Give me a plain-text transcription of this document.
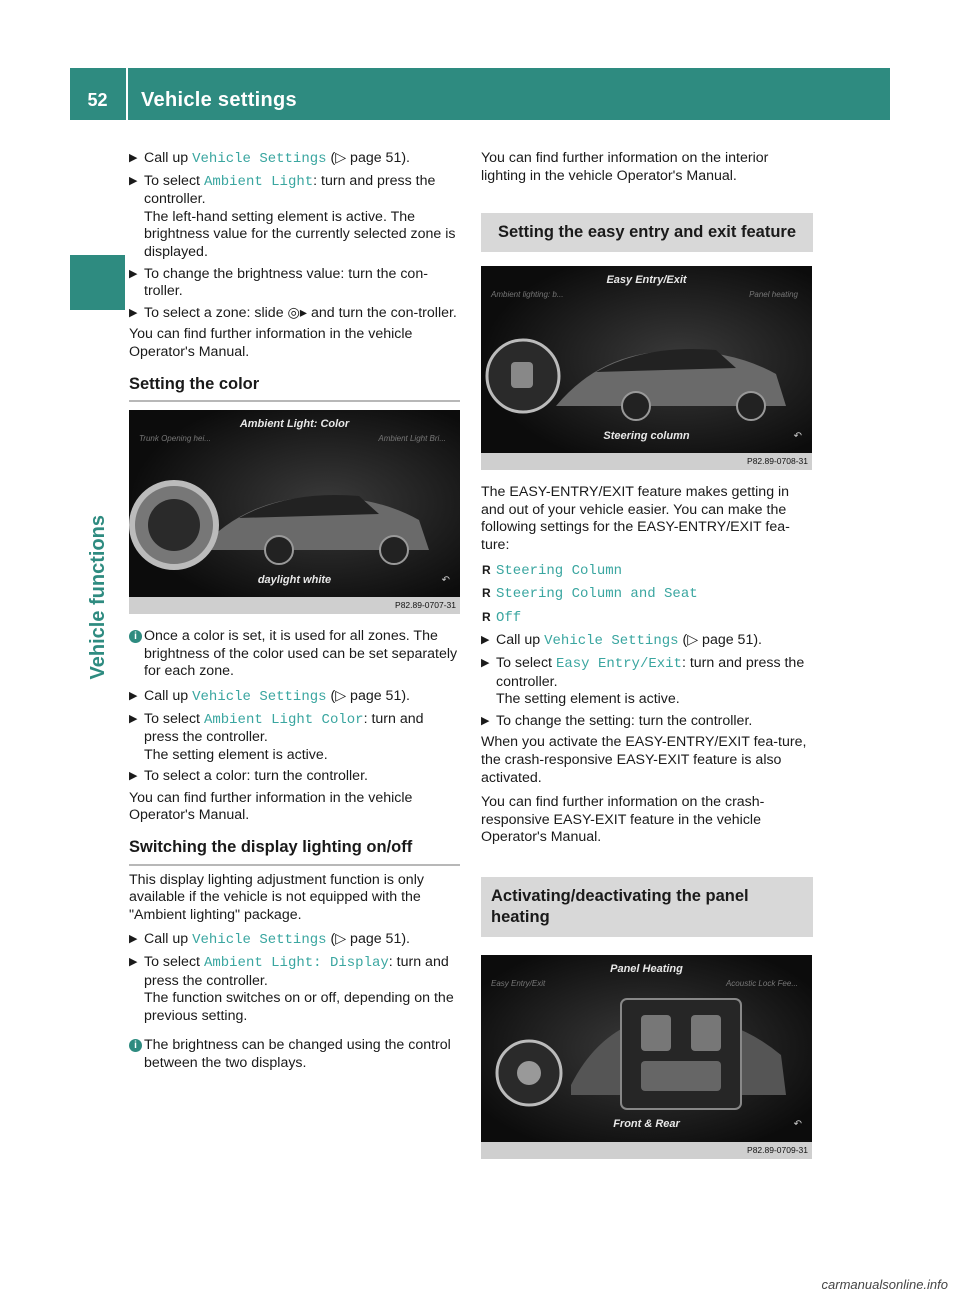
52	Vehicle settings
Vehicle functions
▶ Call up Vehicle Settings (▷ page 51).
▶ To select Ambient Light: turn and press the controller.
The left-hand setting element is active. The brightness value for the currently selected zone is displayed.
▶ To change the brightness value: turn the con-troller.
▶ To select a zone: slide ◎▸ and turn the con-troller.

You can find further information in the vehicle Operator's Manual.

Setting the color
Ambient Light: Color
Trunk Opening hei...	Ambient Light Bri...
daylight white	↶
P82.89-0707-31
i Once a color is set, it is used for all zones. The brightness of the color used can be set separately for each zone.
▶ Call up Vehicle Settings (▷ page 51).
▶ To select Ambient Light Color: turn and press the controller.
The setting element is active.
▶ To select a color: turn the controller.

You can find further information in the vehicle Operator's Manual.

Switching the display lighting on/off

This display lighting adjustment function is only available if the vehicle is not equipped with the "Ambient lighting" package.

▶ Call up Vehicle Settings (▷ page 51).
▶ To select Ambient Light: Display: turn and press the controller.
The function switches on or off, depending on the previous setting.
i The brightness can be changed using the control between the two displays.

You can find further information on the interior lighting in the vehicle Operator's Manual.

Setting the easy entry and exit feature
Easy Entry/Exit
Ambient lighting: b...	Panel heating
Steering column	↶
P82.89-0708-31

The EASY-ENTRY/EXIT feature makes getting in and out of your vehicle easier. You can make the following settings for the EASY-ENTRY/EXIT fea-ture:

R Steering Column
R Steering Column and Seat
R Off
▶ Call up Vehicle Settings (▷ page 51).
▶ To select Easy Entry/Exit: turn and press the controller.
The setting element is active.
▶ To change the setting: turn the controller.

When you activate the EASY-ENTRY/EXIT fea-ture, the crash-responsive EASY-EXIT feature is also activated.

You can find further information on the crash-responsive EASY-EXIT feature in the vehicle Operator's Manual.

Activating/deactivating the panel heating
Panel Heating
Easy Entry/Exit	Acoustic Lock Fee...
Front & Rear	↶
P82.89-0709-31
carmanualsonline.info
